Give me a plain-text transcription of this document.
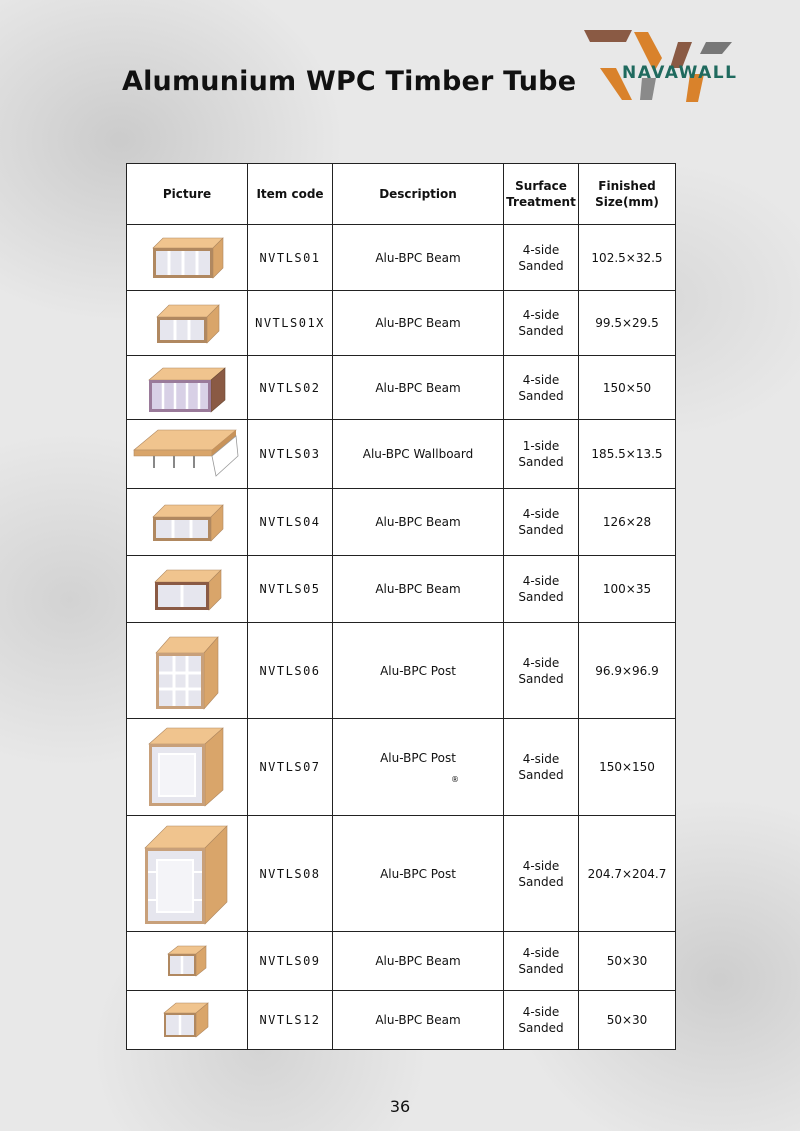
Alumunium WPC Timber Tube	NAVAWALL
Picture	Item code	Description	Surface
Treatment	Finished
Size(mm)

	NVTLS01	Alu-BPC Beam	4-side
Sanded	102.5×32.5

	NVTLS01X	Alu-BPC Beam	4-side
Sanded	99.5×29.5

	NVTLS02	Alu-BPC Beam	4-side
Sanded	150×50

	NVTLS03	Alu-BPC Wallboard	1-side
Sanded	185.5×13.5

	NVTLS04	Alu-BPC Beam	4-side
Sanded	126×28

	NVTLS05	Alu-BPC Beam	4-side
Sanded	100×35

	NVTLS06	Alu-BPC Post	4-side
Sanded	96.9×96.9

	NVTLS07	Alu-BPC Post
®	4-side
Sanded	150×150

	NVTLS08	Alu-BPC Post	4-side
Sanded	204.7×204.7

	NVTLS09	Alu-BPC Beam	4-side
Sanded	50×30

	NVTLS12	Alu-BPC Beam	4-side
Sanded	50×30
36
